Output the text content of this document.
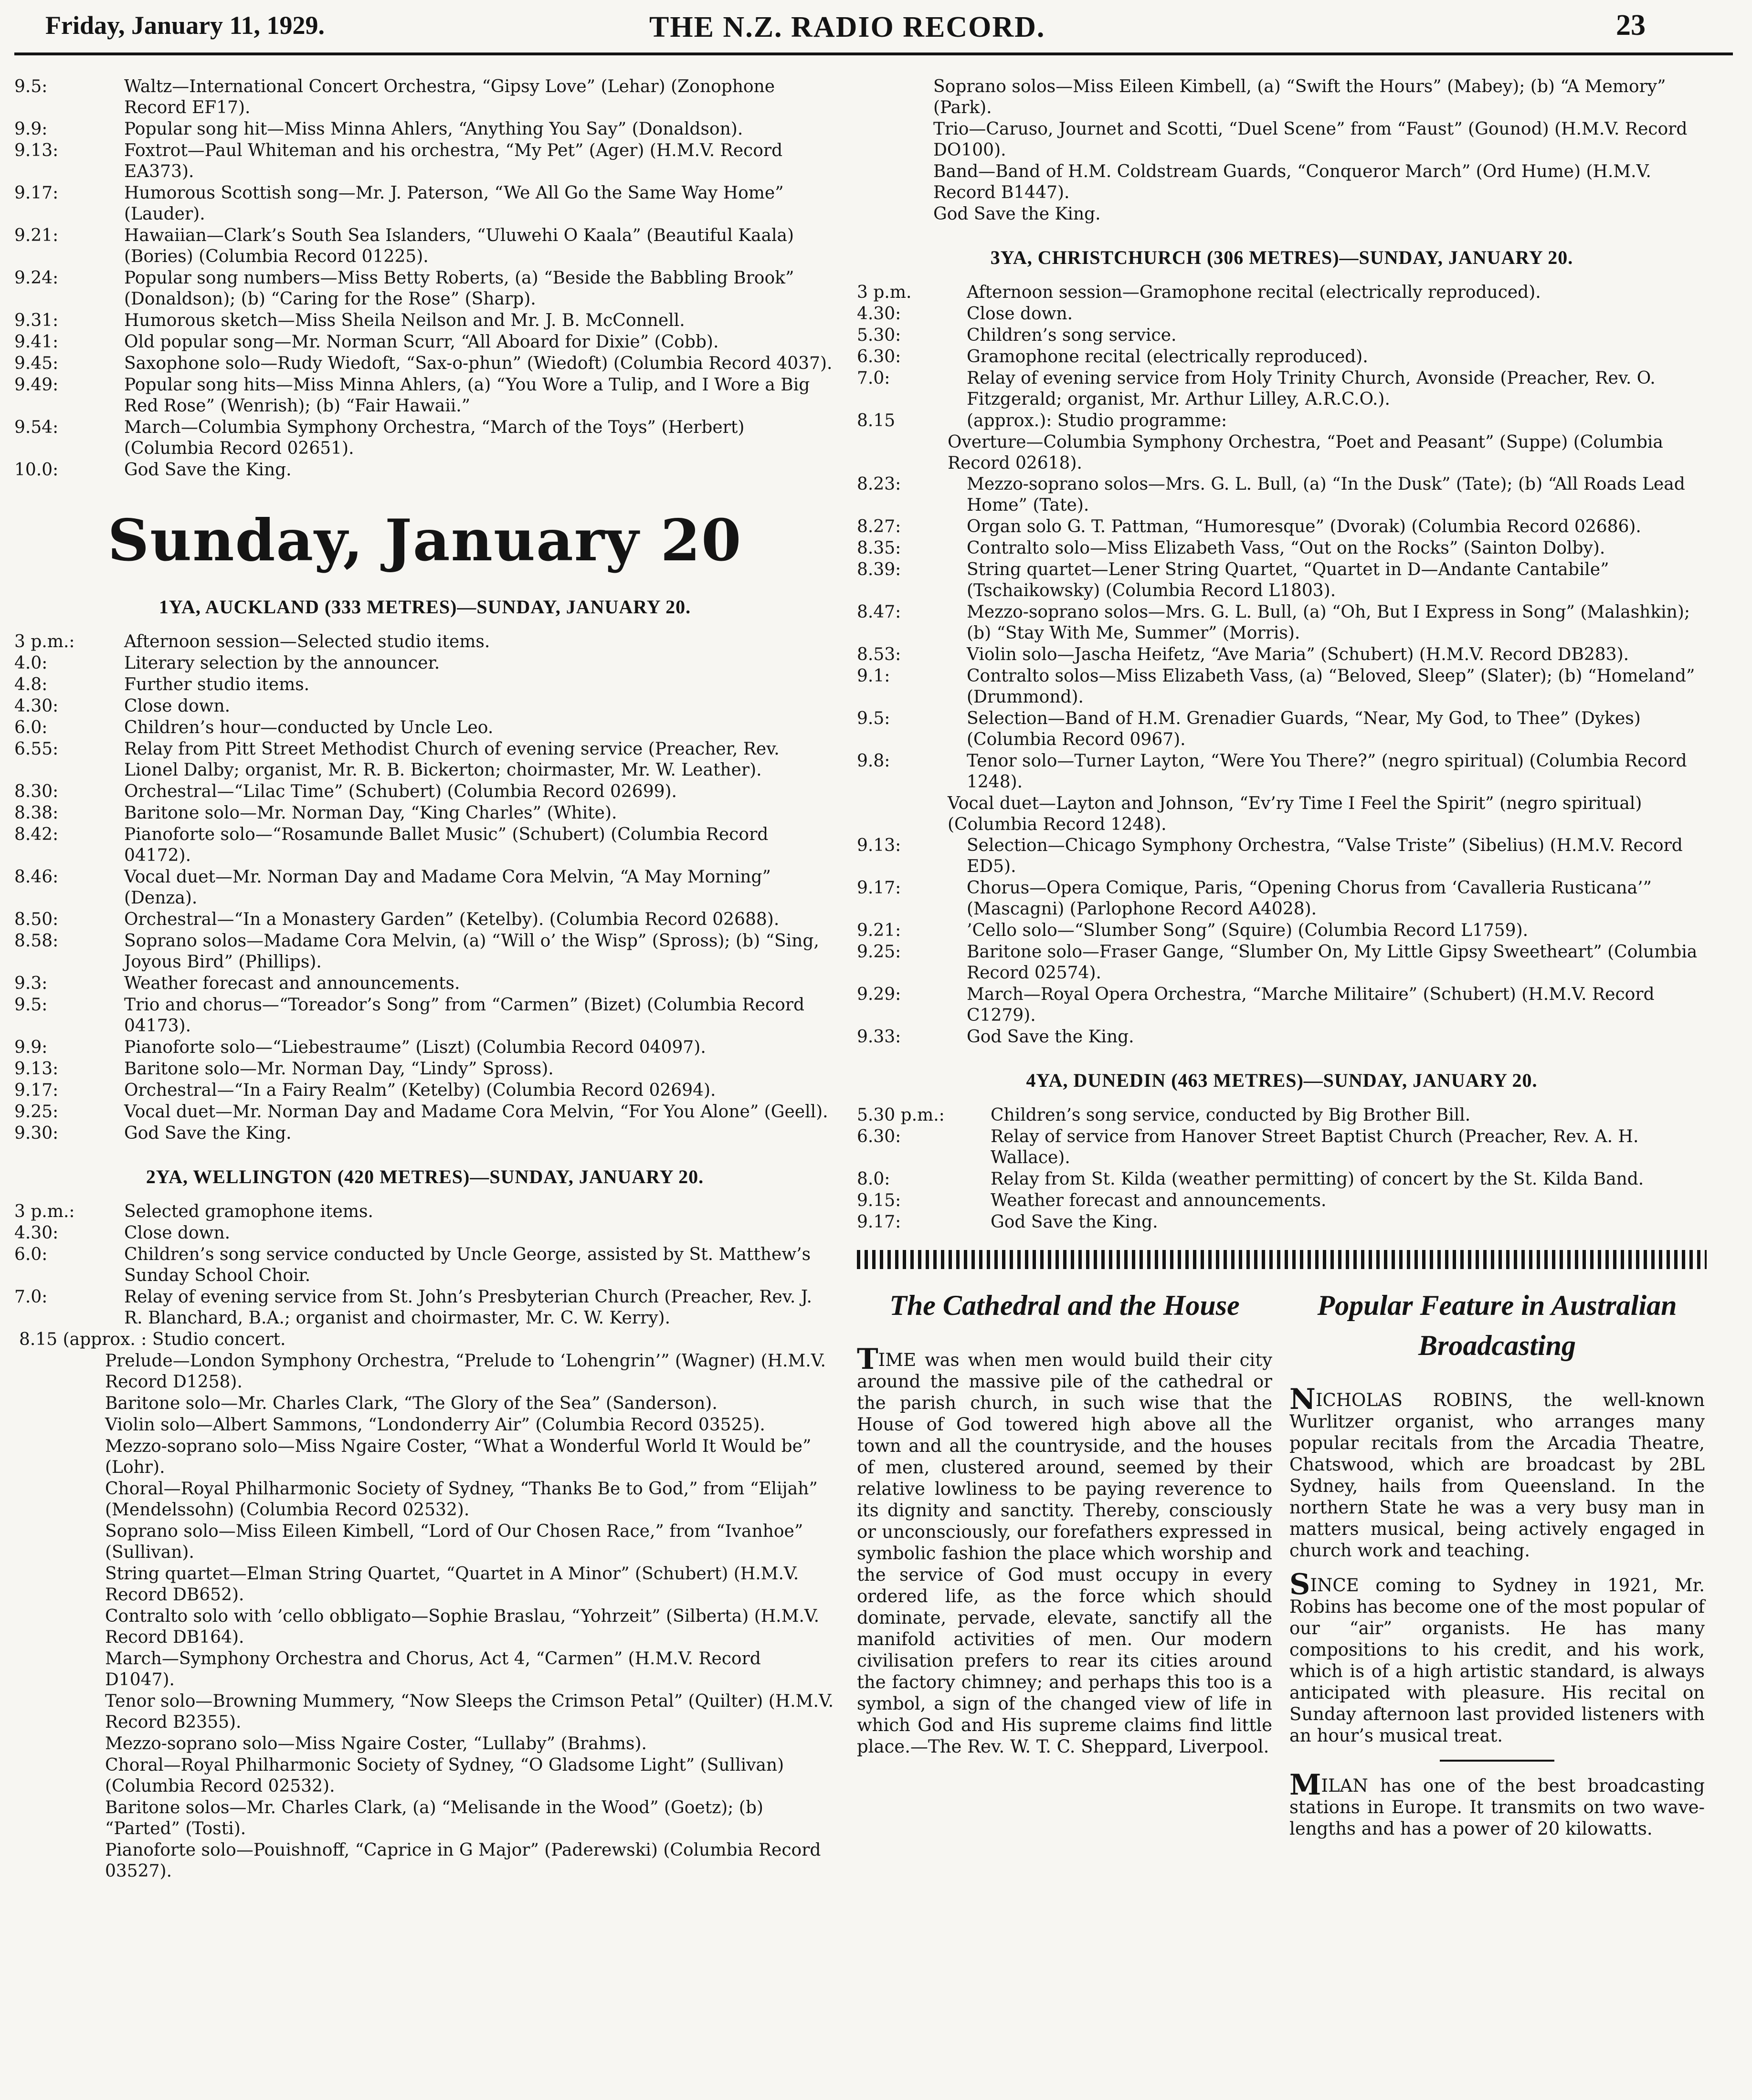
Friday, January 11, 1929.	THE N.Z. RADIO RECORD.	23
9.5:	Waltz—International Concert Orchestra, “Gipsy Love” (Lehar) (Zonophone Record EF17).
9.9:	Popular song hit—Miss Minna Ahlers, “Anything You Say” (Donaldson).
9.13:	Foxtrot—Paul Whiteman and his orchestra, “My Pet” (Ager) (H.M.V. Record EA373).
9.17:	Humorous Scottish song—Mr. J. Paterson, “We All Go the Same Way Home” (Lauder).
9.21:	Hawaiian—Clark’s South Sea Islanders, “Uluwehi O Kaala” (Beautiful Kaala) (Bories) (Columbia Record 01225).
9.24:	Popular song numbers—Miss Betty Roberts, (a) “Beside the Babbling Brook” (Donaldson); (b) “Caring for the Rose” (Sharp).
9.31:	Humorous sketch—Miss Sheila Neilson and Mr. J. B. McConnell.
9.41:	Old popular song—Mr. Norman Scurr, “All Aboard for Dixie” (Cobb).
9.45:	Saxophone solo—Rudy Wiedoft, “Sax-o-phun” (Wiedoft) (Columbia Record 4037).
9.49:	Popular song hits—Miss Minna Ahlers, (a) “You Wore a Tulip, and I Wore a Big Red Rose” (Wenrish); (b) “Fair Hawaii.”
9.54:	March—Columbia Symphony Orchestra, “March of the Toys” (Herbert) (Columbia Record 02651).
10.0:	God Save the King.
Sunday, January 20
1YA, AUCKLAND (333 METRES)—SUNDAY, JANUARY 20.
3 p.m.:	Afternoon session—Selected studio items.
4.0:	Literary selection by the announcer.
4.8:	Further studio items.
4.30:	Close down.
6.0:	Children’s hour—conducted by Uncle Leo.
6.55:	Relay from Pitt Street Methodist Church of evening service (Preacher, Rev. Lionel Dalby; organist, Mr. R. B. Bickerton; choirmaster, Mr. W. Leather).
8.30:	Orchestral—“Lilac Time” (Schubert) (Columbia Record 02699).
8.38:	Baritone solo—Mr. Norman Day, “King Charles” (White).
8.42:	Pianoforte solo—“Rosamunde Ballet Music” (Schubert) (Columbia Record 04172).
8.46:	Vocal duet—Mr. Norman Day and Madame Cora Melvin, “A May Morning” (Denza).
8.50:	Orchestral—“In a Monastery Garden” (Ketelby). (Columbia Record 02688).
8.58:	Soprano solos—Madame Cora Melvin, (a) “Will o’ the Wisp” (Spross); (b) “Sing, Joyous Bird” (Phillips).
9.3:	Weather forecast and announcements.
9.5:	Trio and chorus—“Toreador’s Song” from “Carmen” (Bizet) (Columbia Record 04173).
9.9:	Pianoforte solo—“Liebestraume” (Liszt) (Columbia Record 04097).
9.13:	Baritone solo—Mr. Norman Day, “Lindy” Spross).
9.17:	Orchestral—“In a Fairy Realm” (Ketelby) (Columbia Record 02694).
9.25:	Vocal duet—Mr. Norman Day and Madame Cora Melvin, “For You Alone” (Geell).
9.30:	God Save the King.
2YA, WELLINGTON (420 METRES)—SUNDAY, JANUARY 20.
3 p.m.:	Selected gramophone items.
4.30:	Close down.
6.0:	Children’s song service conducted by Uncle George, assisted by St. Matthew’s Sunday School Choir.
7.0:	Relay of evening service from St. John’s Presbyterian Church (Preacher, Rev. J. R. Blanchard, B.A.; organist and choirmaster, Mr. C. W. Kerry).
8.15 (approx. : Studio concert.
Prelude—London Symphony Orchestra, “Prelude to ‘Lohengrin’” (Wagner) (H.M.V. Record D1258).
Baritone solo—Mr. Charles Clark, “The Glory of the Sea” (Sanderson).
Violin solo—Albert Sammons, “Londonderry Air” (Columbia Record 03525).
Mezzo-soprano solo—Miss Ngaire Coster, “What a Wonderful World It Would be” (Lohr).
Choral—Royal Philharmonic Society of Sydney, “Thanks Be to God,” from “Elijah” (Mendelssohn) (Columbia Record 02532).
Soprano solo—Miss Eileen Kimbell, “Lord of Our Chosen Race,” from “Ivanhoe” (Sullivan).
String quartet—Elman String Quartet, “Quartet in A Minor” (Schubert) (H.M.V. Record DB652).
Contralto solo with ’cello obbligato—Sophie Braslau, “Yohrzeit” (Silberta) (H.M.V. Record DB164).
March—Symphony Orchestra and Chorus, Act 4, “Carmen” (H.M.V. Record D1047).
Tenor solo—Browning Mummery, “Now Sleeps the Crimson Petal” (Quilter) (H.M.V. Record B2355).
Mezzo-soprano solo—Miss Ngaire Coster, “Lullaby” (Brahms).
Choral—Royal Philharmonic Society of Sydney, “O Gladsome Light” (Sullivan) (Columbia Record 02532).
Baritone solos—Mr. Charles Clark, (a) “Melisande in the Wood” (Goetz); (b) “Parted” (Tosti).
Pianoforte solo—Pouishnoff, “Caprice in G Major” (Paderewski) (Columbia Record 03527).
Soprano solos—Miss Eileen Kimbell, (a) “Swift the Hours” (Mabey); (b) “A Memory” (Park).
Trio—Caruso, Journet and Scotti, “Duel Scene” from “Faust” (Gounod) (H.M.V. Record DO100).
Band—Band of H.M. Coldstream Guards, “Conqueror March” (Ord Hume) (H.M.V. Record B1447).
God Save the King.
3YA, CHRISTCHURCH (306 METRES)—SUNDAY, JANUARY 20.
3 p.m.	Afternoon session—Gramophone recital (electrically reproduced).
4.30:	Close down.
5.30:	Children’s song service.
6.30:	Gramophone recital (electrically reproduced).
7.0:	Relay of evening service from Holy Trinity Church, Avonside (Preacher, Rev. O. Fitzgerald; organist, Mr. Arthur Lilley, A.R.C.O.).
8.15	(approx.): Studio programme:
Overture—Columbia Symphony Orchestra, “Poet and Peasant” (Suppe) (Columbia Record 02618).
8.23:	Mezzo-soprano solos—Mrs. G. L. Bull, (a) “In the Dusk” (Tate); (b) “All Roads Lead Home” (Tate).
8.27:	Organ solo G. T. Pattman, “Humoresque” (Dvorak) (Columbia Record 02686).
8.35:	Contralto solo—Miss Elizabeth Vass, “Out on the Rocks” (Sainton Dolby).
8.39:	String quartet—Lener String Quartet, “Quartet in D—Andante Cantabile” (Tschaikowsky) (Columbia Record L1803).
8.47:	Mezzo-soprano solos—Mrs. G. L. Bull, (a) “Oh, But I Express in Song” (Malashkin); (b) “Stay With Me, Summer” (Morris).
8.53:	Violin solo—Jascha Heifetz, “Ave Maria” (Schubert) (H.M.V. Record DB283).
9.1:	Contralto solos—Miss Elizabeth Vass, (a) “Beloved, Sleep” (Slater); (b) “Homeland” (Drummond).
9.5:	Selection—Band of H.M. Grenadier Guards, “Near, My God, to Thee” (Dykes) (Columbia Record 0967).
9.8:	Tenor solo—Turner Layton, “Were You There?” (negro spiritual) (Columbia Record 1248).
Vocal duet—Layton and Johnson, “Ev’ry Time I Feel the Spirit” (negro spiritual) (Columbia Record 1248).
9.13:	Selection—Chicago Symphony Orchestra, “Valse Triste” (Sibelius) (H.M.V. Record ED5).
9.17:	Chorus—Opera Comique, Paris, “Opening Chorus from ‘Cavalleria Rusticana’” (Mascagni) (Parlophone Record A4028).
9.21:	’Cello solo—“Slumber Song” (Squire) (Columbia Record L1759).
9.25:	Baritone solo—Fraser Gange, “Slumber On, My Little Gipsy Sweetheart” (Columbia Record 02574).
9.29:	March—Royal Opera Orchestra, “Marche Militaire” (Schubert) (H.M.V. Record C1279).
9.33:	God Save the King.
4YA, DUNEDIN (463 METRES)—SUNDAY, JANUARY 20.
5.30 p.m.:	Children’s song service, conducted by Big Brother Bill.
6.30:	Relay of service from Hanover Street Baptist Church (Preacher, Rev. A. H. Wallace).
8.0:	Relay from St. Kilda (weather permitting) of concert by the St. Kilda Band.
9.15:	Weather forecast and announcements.
9.17:	God Save the King.
The Cathedral and the House

TIME was when men would build their city around the massive pile of the cathedral or the parish church, in such wise that the House of God towered high above all the town and all the countryside, and the houses of men, clustered around, seemed by their relative lowliness to be paying reverence to its dignity and sanctity. Thereby, consciously or unconsciously, our forefathers expressed in symbolic fashion the place which worship and the service of God must occupy in every ordered life, as the force which should dominate, pervade, elevate, sanctify all the manifold activities of men. Our modern civilisation prefers to rear its cities around the factory chimney; and perhaps this too is a symbol, a sign of the changed view of life in which God and His supreme claims find little place.—The Rev. W. T. C. Sheppard, Liverpool.

Popular Feature in Australian Broadcasting

NICHOLAS ROBINS, the well-known Wurlitzer organist, who arranges many popular recitals from the Arcadia Theatre, Chatswood, which are broadcast by 2BL Sydney, hails from Queensland. In the northern State he was a very busy man in matters musical, being actively engaged in church work and teaching.

SINCE coming to Sydney in 1921, Mr. Robins has become one of the most popular of our “air” organists. He has many compositions to his credit, and his work, which is of a high artistic standard, is always anticipated with pleasure. His recital on Sunday afternoon last provided listeners with an hour’s musical treat.

MILAN has one of the best broadcasting stations in Europe. It transmits on two wave-lengths and has a power of 20 kilowatts.
